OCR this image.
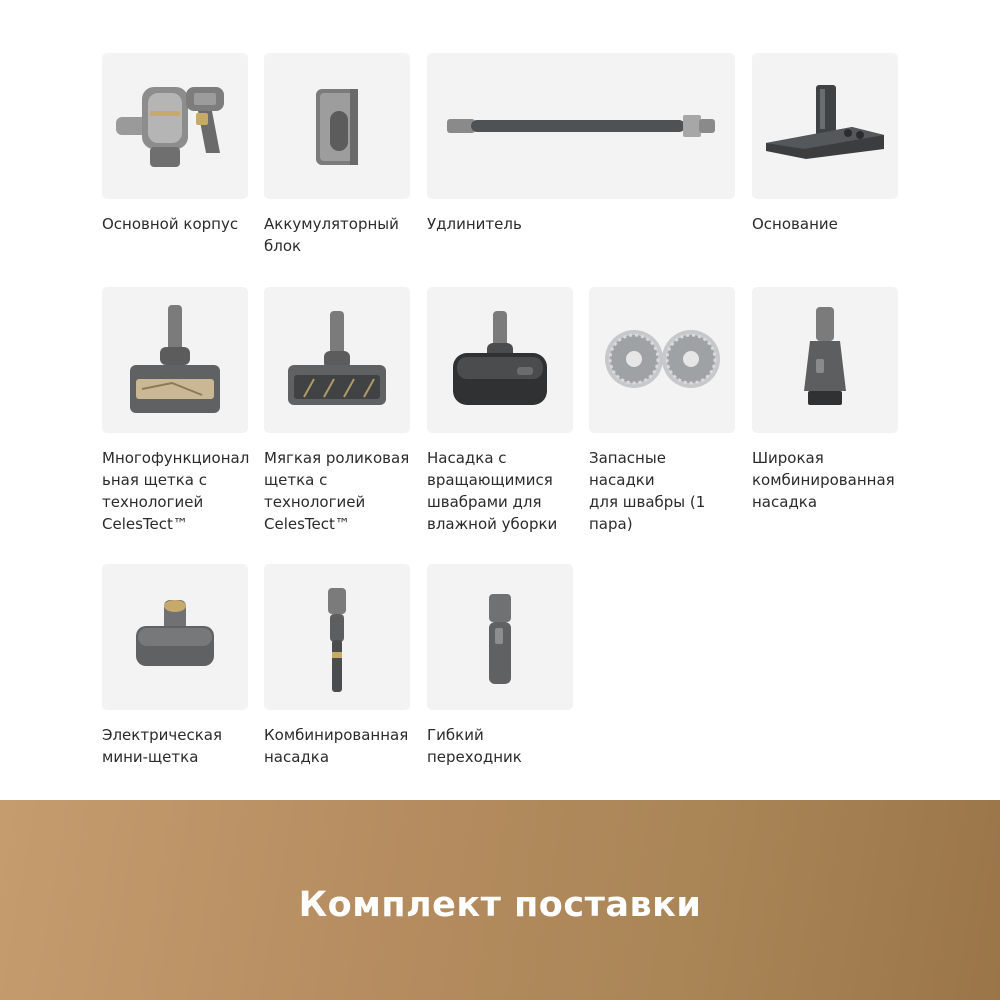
Основной корпус Аккумуляторный
блок
Удлинитель	Основание
Многофункционал
ьная щетка с
технологией
CelesTect™
Мягкая роликовая
щетка с
технологией
CelesTect™
Насадка с
вращающимися
швабрами для
влажной уборки
Запасные насадки
для швабры (1
пара)
Широкая
комбинированная
насадка
Электрическая
мини-щетка
Комбинированная
насадка
Гибкий
переходник
Комплект поставки
